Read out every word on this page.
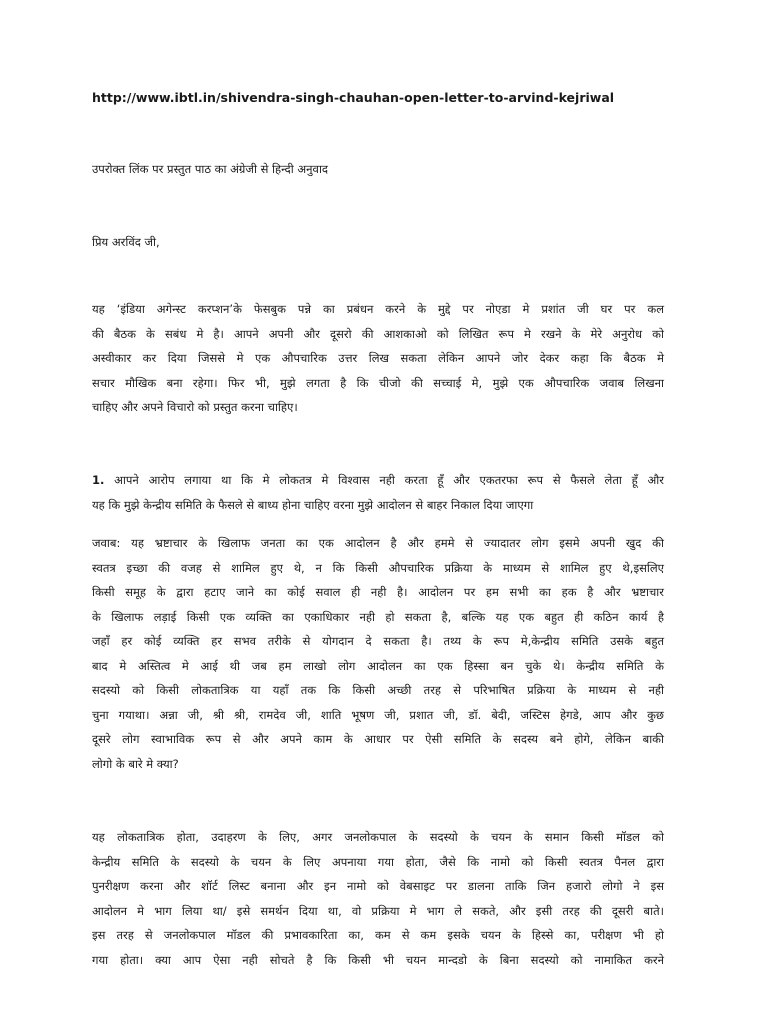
http://www.ibtl.in/shivendra-singh-chauhan-open-letter-to-arvind-kejriwal
उपरोक्त लिंक पर प्रस्तुत पाठ का अंग्रेजी से हिन्दी अनुवाद
प्रिय अरविंद जी,
यह ‘इंडिया अगेन्स्ट करप्शन’के फेसबुक पन्ने का प्रबंधन करने के मुद्दे पर नोएडा मे प्रशांत जी घर पर कल
की बैठक के सबंध मे है। आपने अपनी और दूसरो की आशकाओ को लिखित रूप मे रखने के मेरे अनुरोध को
अस्वीकार कर दिया जिससे मे एक औपचारिक उत्तर लिख सकता लेकिन आपने जोर देकर कहा कि बैठक मे
सचार मौखिक बना रहेगा। फिर भी, मुझे लगता है कि चीजो की सच्चाई मे, मुझे एक औपचारिक जवाब लिखना
चाहिए और अपने विचारो को प्रस्तुत करना चाहिए।
1. आपने आरोप लगाया था कि मे लोकतत्र मे विश्वास नही करता हूँ और एकतरफा रूप से फैसले लेता हूँ और
यह कि मुझे केन्द्रीय समिति के फैसले से बाध्य होना चाहिए वरना मुझे आदोलन से बाहर निकाल दिया जाएगा
जवाब: यह भ्रष्टाचार के खिलाफ जनता का एक आदोलन है और हममे से ज्यादातर लोग इसमे अपनी खुद की
स्वतत्र इच्छा की वजह से शामिल हुए थे, न कि किसी औपचारिक प्रक्रिया के माध्यम से शामिल हुए थे,इसलिए
किसी समूह के द्वारा हटाए जाने का कोई सवाल ही नही है। आदोलन पर हम सभी का हक है और भ्रष्टाचार
के खिलाफ लड़ाई किसी एक व्यक्ति का एकाधिकार नही हो सकता है, बल्कि यह एक बहुत ही कठिन कार्य है
जहाँ हर कोई व्यक्ति हर सभव तरीके से योगदान दे सकता है। तथ्य के रूप मे,केन्द्रीय समिति उसके बहुत
बाद मे अस्तित्व मे आई थी जब हम लाखो लोग आदोलन का एक हिस्सा बन चुके थे। केन्द्रीय समिति के
सदस्यो को किसी लोकतात्रिक या यहाँ तक कि किसी अच्छी तरह से परिभाषित प्रक्रिया के माध्यम से नही
चुना गयाथा। अन्ना जी, श्री श्री, रामदेव जी, शाति भूषण जी, प्रशात जी, डॉ. बेदी, जस्टिस हेगडे, आप और कुछ
दूसरे लोग स्वाभाविक रूप से और अपने काम के आधार पर ऐसी समिति के सदस्य बने होगे, लेकिन बाकी
लोगो के बारे मे क्या?
यह लोकतात्रिक होता, उदाहरण के लिए, अगर जनलोकपाल के सदस्यो के चयन के समान किसी मॉडल को
केन्द्रीय समिति के सदस्यो के चयन के लिए अपनाया गया होता, जैसे कि नामो को किसी स्वतत्र पैनल द्वारा
पुनरीक्षण करना और शॉर्ट लिस्ट बनाना और इन नामो को वेबसाइट पर डालना ताकि जिन हजारो लोगो ने इस
आदोलन मे भाग लिया था/ इसे समर्थन दिया था, वो प्रक्रिया मे भाग ले सकते, और इसी तरह की दूसरी बाते।
इस तरह से जनलोकपाल मॉडल की प्रभावकारिता का, कम से कम इसके चयन के हिस्से का, परीक्षण भी हो
गया होता। क्या आप ऐसा नही सोचते है कि किसी भी चयन मान्दडो के बिना सदस्यो को नामाकित करने
